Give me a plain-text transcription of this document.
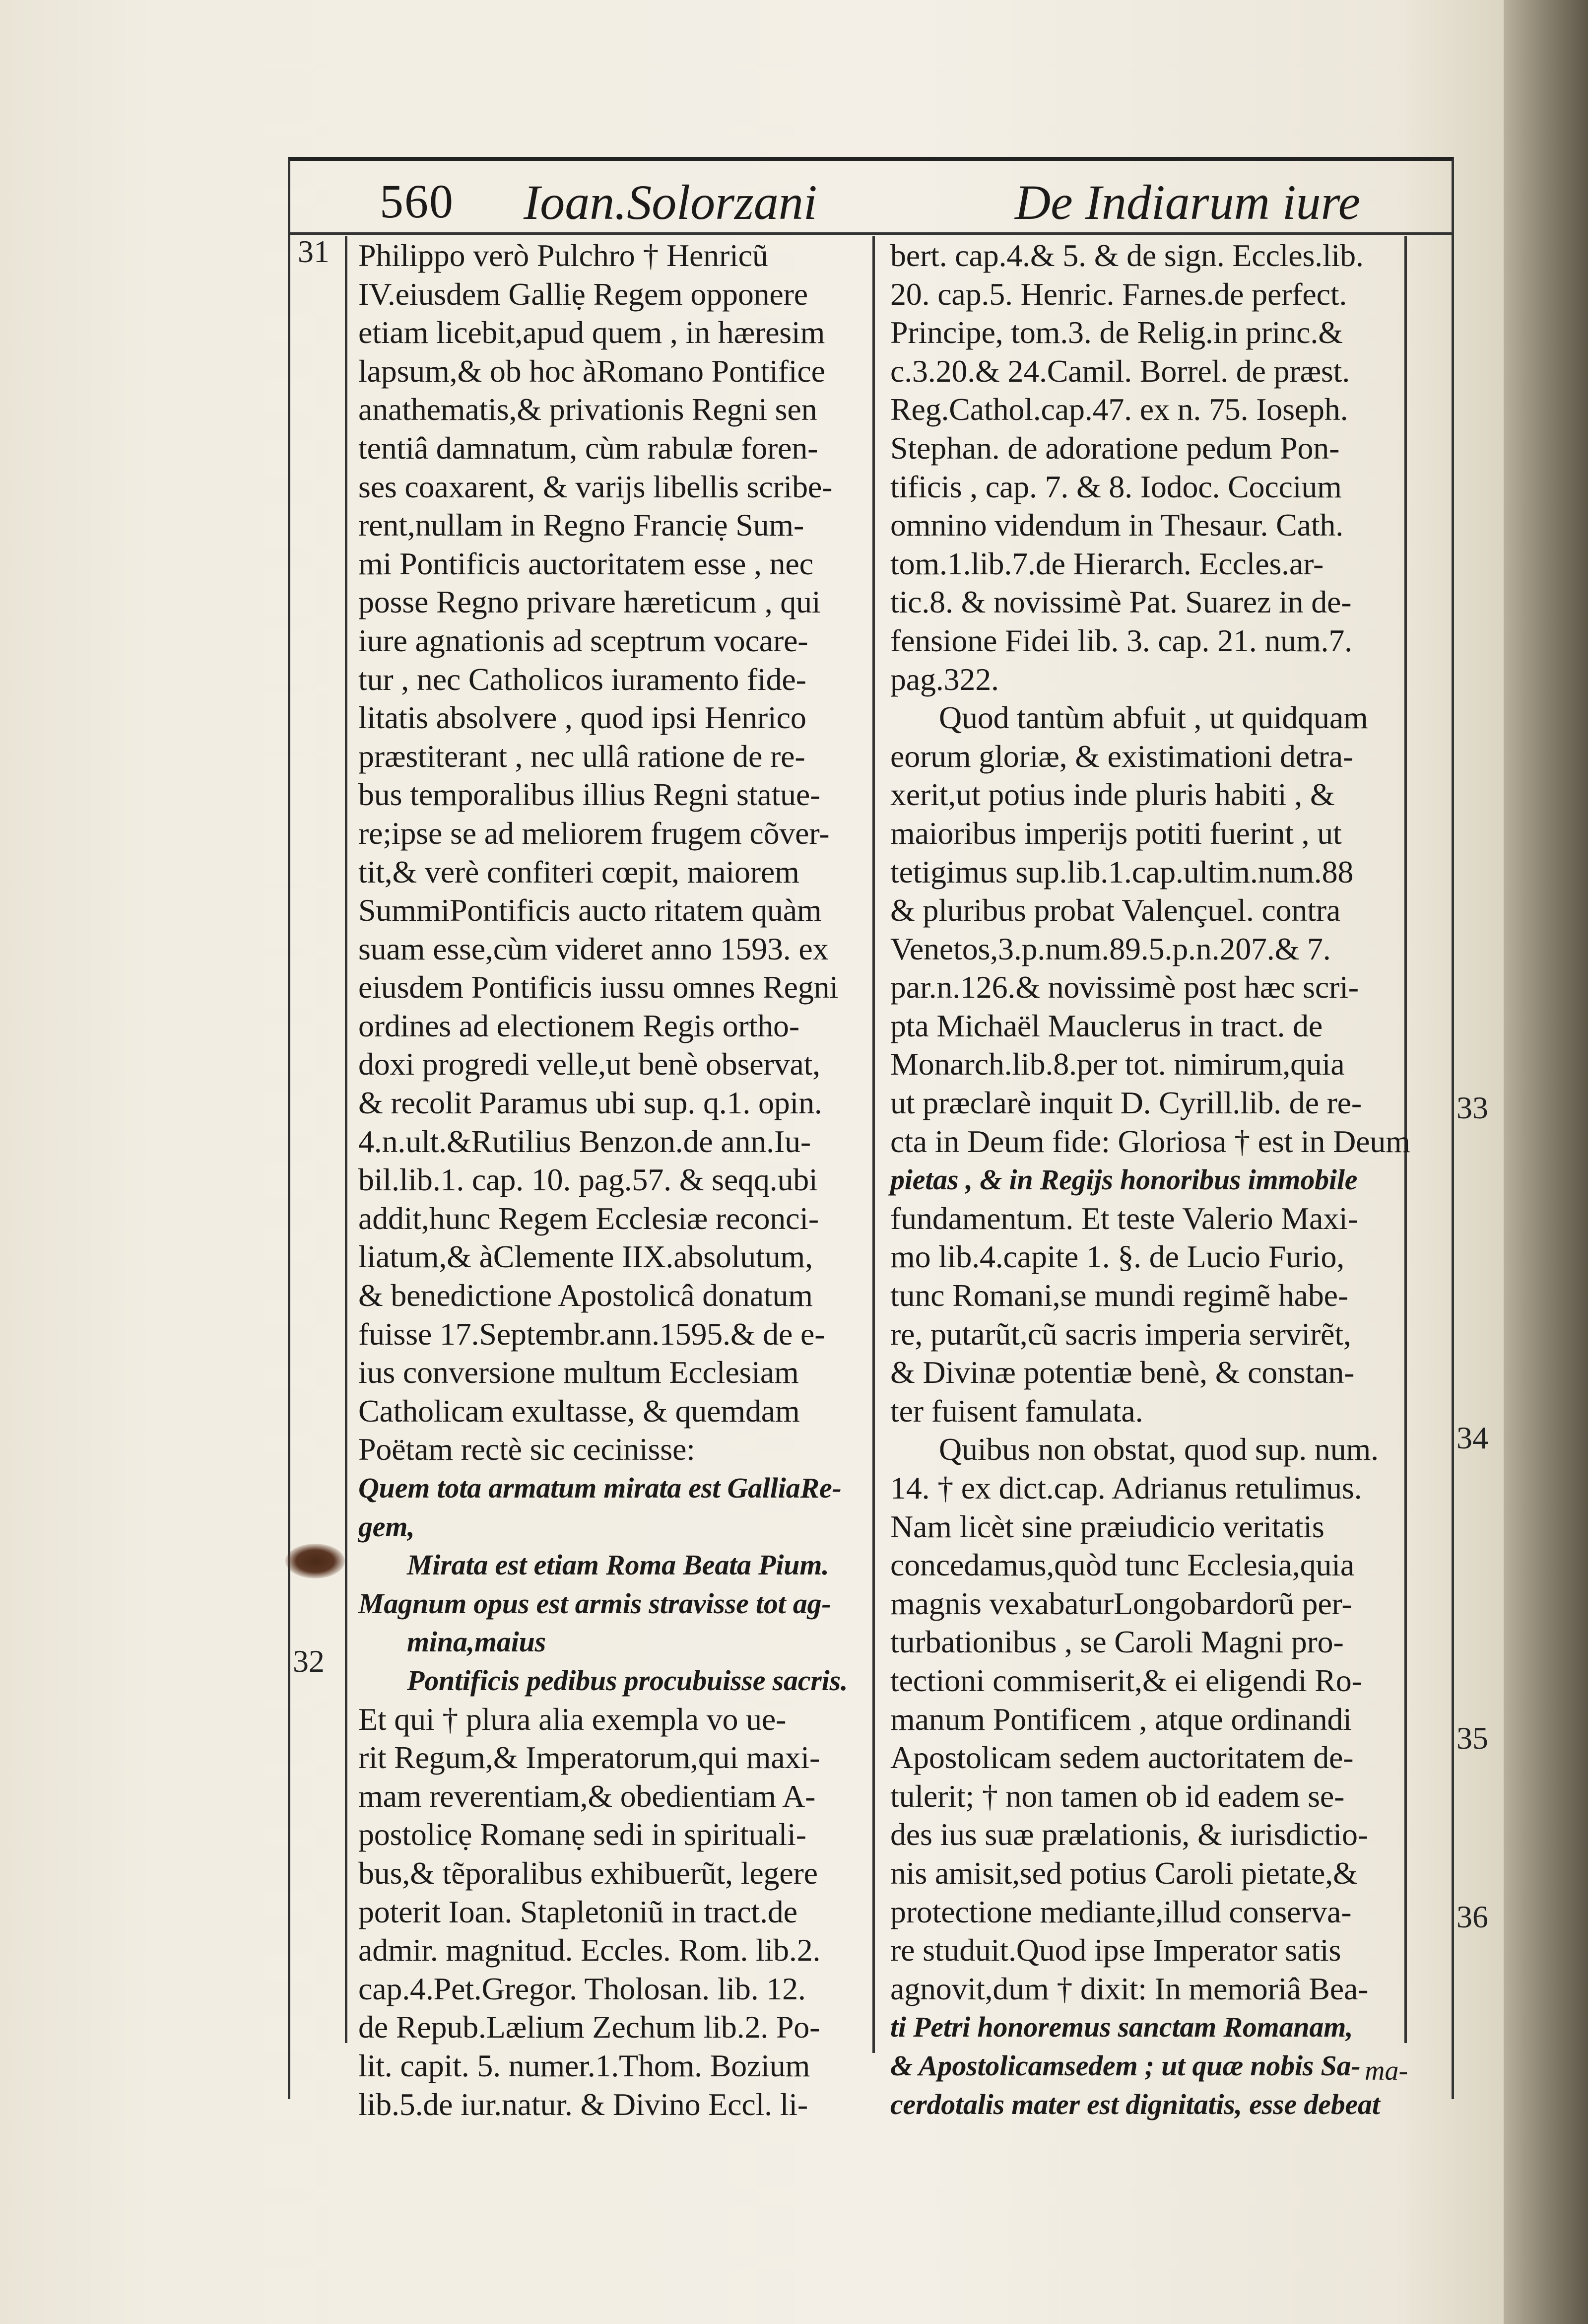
560 Ioan.Solorzani	De Indiarum iure
Philippo verò Pulchro † Henricũ
IV.eiusdem Galliẹ Regem opponere
etiam licebit,apud quem , in hæresim
lapsum,& ob hoc àRomano Pontifice
anathematis,& privationis Regni sen
tentiâ damnatum, cùm rabulæ foren-
ses coaxarent, & varijs libellis scribe-
rent,nullam in Regno Franciẹ Sum-
mi Pontificis auctoritatem esse , nec
posse Regno privare hæreticum , qui
iure agnationis ad sceptrum vocare-
tur , nec Catholicos iuramento fide-
litatis absolvere , quod ipsi Henrico
præstiterant , nec ullâ ratione de re-
bus temporalibus illius Regni statue-
re;ipse se ad meliorem frugem cõver-
tit,& verè confiteri cœpit, maiorem
SummiPontificis aucto ritatem quàm
suam esse,cùm videret anno 1593. ex
eiusdem Pontificis iussu omnes Regni
ordines ad electionem Regis ortho-
doxi progredi velle,ut benè observat,
& recolit Paramus ubi sup. q.1. opin.
4.n.ult.&Rutilius Benzon.de ann.Iu-
bil.lib.1. cap. 10. pag.57. & seqq.ubi
addit,hunc Regem Ecclesiæ reconci-
liatum,& àClemente IIX.absolutum,
& benedictione Apostolicâ donatum
fuisse 17.Septembr.ann.1595.& de e-
ius conversione multum Ecclesiam
Catholicam exultasse, & quemdam
Poëtam rectè sic cecinisse:
Quem tota armatum mirata est GalliaRe-
gem,
Mirata est etiam Roma Beata Pium.
Magnum opus est armis stravisse tot ag-
mina,maius
Pontificis pedibus procubuisse sacris.
Et qui † plura alia exempla vo ue-
rit Regum,& Imperatorum,qui maxi-
mam reverentiam,& obedientiam A-
postolicẹ Romanẹ sedi in spirituali-
bus,& tẽporalibus exhibuerũt, legere
poterit Ioan. Stapletoniũ in tract.de
admir. magnitud. Eccles. Rom. lib.2.
cap.4.Pet.Gregor. Tholosan. lib. 12.
de Repub.Lælium Zechum lib.2. Po-
lit. capit. 5. numer.1.Thom. Bozium
lib.5.de iur.natur. & Divino Eccl. li-
bert. cap.4.& 5. & de sign. Eccles.lib.
20. cap.5. Henric. Farnes.de perfect.
Principe, tom.3. de Relig.in princ.&
c.3.20.& 24.Camil. Borrel. de præst.
Reg.Cathol.cap.47. ex n. 75. Ioseph.
Stephan. de adoratione pedum Pon-
tificis , cap. 7. & 8. Iodoc. Coccium
omnino videndum in Thesaur. Cath.
tom.1.lib.7.de Hierarch. Eccles.ar-
tic.8. & novissimè Pat. Suarez in de-
fensione Fidei lib. 3. cap. 21. num.7.
pag.322.
Quod tantùm abfuit , ut quidquam
eorum gloriæ, & existimationi detra-
xerit,ut potius inde pluris habiti , &
maioribus imperijs potiti fuerint , ut
tetigimus sup.lib.1.cap.ultim.num.88
& pluribus probat Valençuel. contra
Venetos,3.p.num.89.5.p.n.207.& 7.
par.n.126.& novissimè post hæc scri-
pta Michaël Mauclerus in tract. de
Monarch.lib.8.per tot. nimirum,quia
ut præclarè inquit D. Cyrill.lib. de re-
cta in Deum fide: Gloriosa † est in Deum
pietas , & in Regijs honoribus immobile
fundamentum. Et teste Valerio Maxi-
mo lib.4.capite 1. §. de Lucio Furio,
tunc Romani,se mundi regimẽ habe-
re, putarũt,cũ sacris imperia servirẽt,
& Divinæ potentiæ benè, & constan-
ter fuisent famulata.
Quibus non obstat, quod sup. num.
14. † ex dict.cap. Adrianus retulimus.
Nam licèt sine præiudicio veritatis
concedamus,quòd tunc Ecclesia,quia
magnis vexabaturLongobardorũ per-
turbationibus , se Caroli Magni pro-
tectioni commiserit,& ei eligendi Ro-
manum Pontificem , atque ordinandi
Apostolicam sedem auctoritatem de-
tulerit; † non tamen ob id eadem se-
des ius suæ prælationis, & iurisdictio-
nis amisit,sed potius Caroli pietate,&
protectione mediante,illud conserva-
re studuit.Quod ipse Imperator satis
agnovit,dum † dixit: In memoriâ Bea-
ti Petri honoremus sanctam Romanam,
& Apostolicamsedem ; ut quæ nobis Sa-
cerdotalis mater est dignitatis, esse debeat
31
32
33
34
35
36
ma-
